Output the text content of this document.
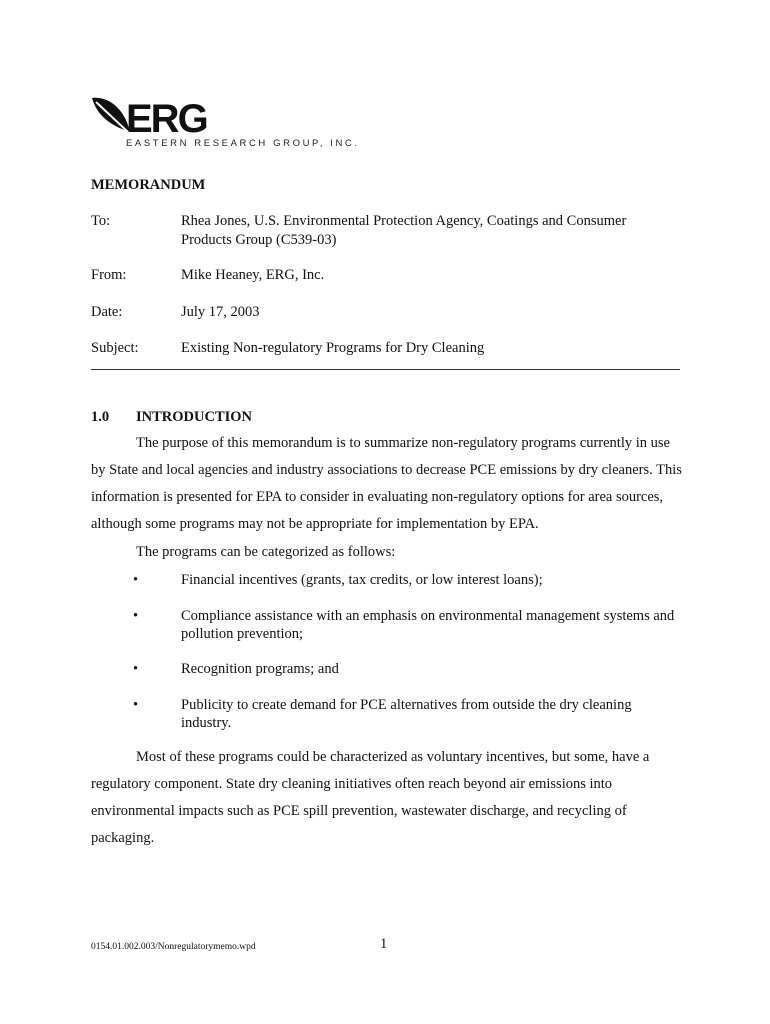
ERG
EASTERN RESEARCH GROUP, INC.
MEMORANDUM
To:	Rhea Jones, U.S. Environmental Protection Agency, Coatings and Consumer Products Group (C539-03)
From:	Mike Heaney, ERG, Inc.
Date:	July 17, 2003
Subject:	Existing Non-regulatory Programs for Dry Cleaning
1.0 INTRODUCTION

The purpose of this memorandum is to summarize non-regulatory programs currently in use by State and local agencies and industry associations to decrease PCE emissions by dry cleaners. This information is presented for EPA to consider in evaluating non-regulatory options for area sources, although some programs may not be appropriate for implementation by EPA.

The programs can be categorized as follows:
•	Financial incentives (grants, tax credits, or low interest loans);
•	Compliance assistance with an emphasis on environmental management systems and pollution prevention;
•	Recognition programs; and
•	Publicity to create demand for PCE alternatives from outside the dry cleaning industry.

Most of these programs could be characterized as voluntary incentives, but some, have a regulatory component. State dry cleaning initiatives often reach beyond air emissions into environmental impacts such as PCE spill prevention, wastewater discharge, and recycling of packaging.

0154.01.002.003/Nonregulatorymemo.wpd	1
